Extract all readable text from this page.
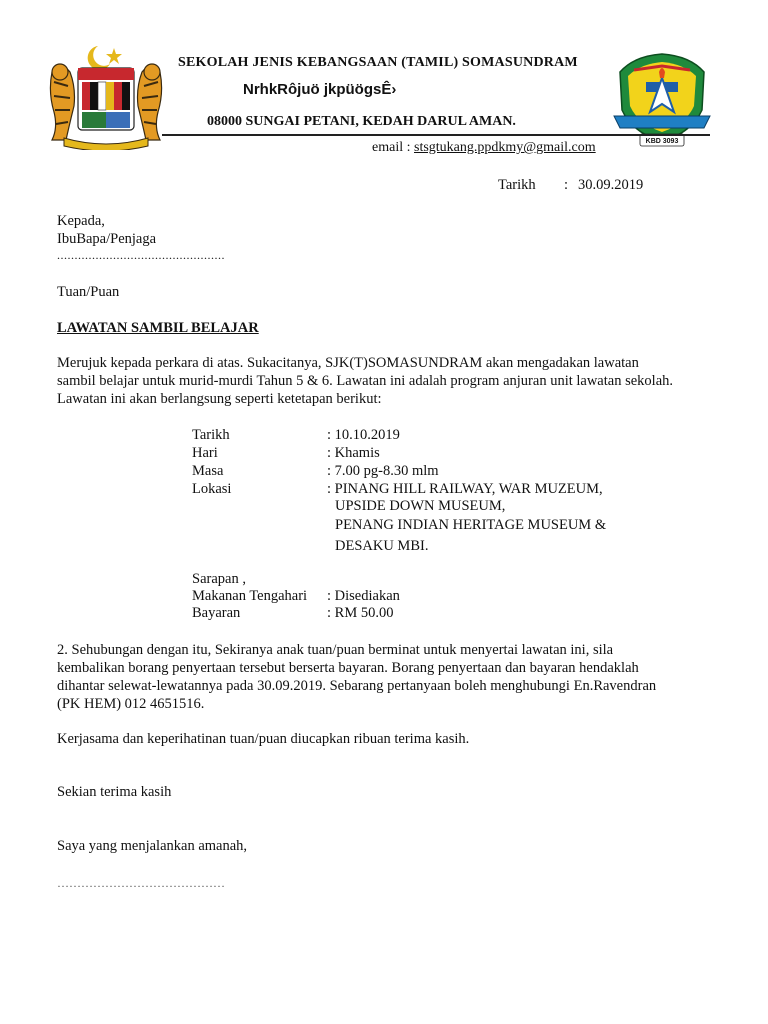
KBD 3093
SEKOLAH JENIS KEBANGSAAN (TAMIL) SOMASUNDRAM
NrhkRôjuö jkpüögsÊ›
08000 SUNGAI PETANI, KEDAH DARUL AMAN.
email : stsgtukang.ppdkmy@gmail.com
Tarikh : 30.09.2019
Kepada,
IbuBapa/Penjaga
................................................
Tuan/Puan
LAWATAN SAMBIL BELAJAR
Merujuk kepada perkara di atas. Sukacitanya, SJK(T)SOMASUNDRAM akan mengadakan lawatan sambil belajar untuk murid-murdi Tahun 5 & 6. Lawatan ini adalah program anjuran unit lawatan sekolah. Lawatan ini akan berlangsung seperti ketetapan berikut:
Tarikh	: 10.10.2019
Hari	: Khamis
Masa	: 7.00 pg-8.30 mlm
Lokasi	: PINANG HILL RAILWAY, WAR MUZEUM,
UPSIDE DOWN MUSEUM,
PENANG INDIAN HERITAGE MUSEUM &
DESAKU MBI.
Sarapan ,
Makanan Tengahari : Disediakan
Bayaran	: RM 50.00
2. Sehubungan dengan itu, Sekiranya anak tuan/puan berminat untuk menyertai lawatan ini, sila kembalikan borang penyertaan tersebut berserta bayaran. Borang penyertaan dan bayaran hendaklah dihantar selewat-lewatannya pada 30.09.2019. Sebarang pertanyaan boleh menghubungi En.Ravendran (PK HEM) 012 4651516.
Kerjasama dan keperihatinan tuan/puan diucapkan ribuan terima kasih.
Sekian terima kasih
Saya yang menjalankan amanah,
……………………………………
